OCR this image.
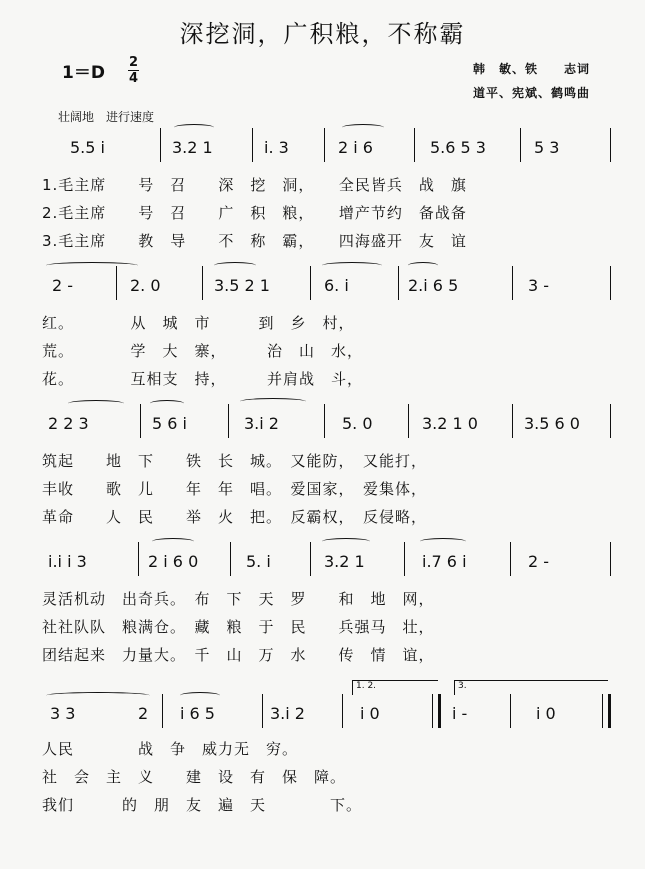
深挖洞，广积粮，不称霸
1＝D
2
4
韩　敏、铁　　志词
道平、宪斌、鹤鸣曲
壮阔地　进行速度
5.5 i	3.2 1	i. 3	2 i 6	5.6 5 3	5 3
1.毛主席　　号　召　　深　挖　洞，　　全民皆兵　战　旗
2.毛主席　　号　召　　广　积　粮，　　增产节约　备战备
3.毛主席　　教　导　　不　称　霸，　　四海盛开　友　谊
2 -	2. 0	3.5 2 1	6. i	2.i 6 5	3 -
红。　　　　从　城　市　　　到　乡　村，
荒。　　　　学　大　寨，　　　治　山　水，
花。　　　　互相支　持，　　　并肩战　斗，
2 2 3	5 6 i	3.i 2	5. 0	3.2 1 0	3.5 6 0
筑起　　地　下　　铁　长　城。　又能防，　又能打，
丰收　　歌　儿　　年　年　唱。　爱国家，　爱集体，
革命　　人　民　　举　火　把。　反霸权，　反侵略，
i.i i 3	2 i 6 0	5. i	3.2 1	i.7 6 i	2 -
灵活机动　出奇兵。　布　下　天　罗　　和　地　网，
社社队队　粮满仓。　藏　粮　于　民　　兵强马　壮，
团结起来　力量大。　千　山　万　水　　传　情　谊，
1. 2.	3.
3 3	2 i 6 5	3.i 2	i 0	i -	i 0
人民　　　　战　争　威力无　穷。
社　会　主　义　　建　设　有　保　障。
我们　　　的　朋　友　遍　天　　　　下。
